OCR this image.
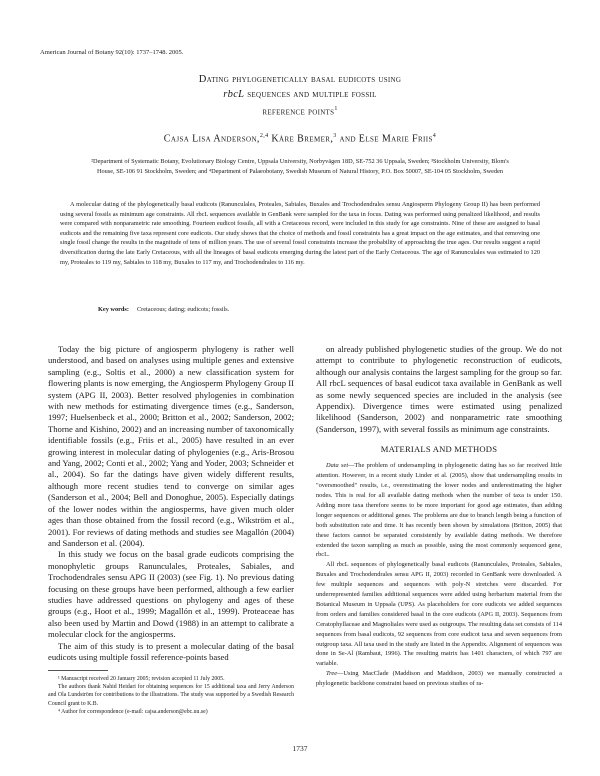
American Journal of Botany 92(10): 1737–1748. 2005.
Dating phylogenetically basal eudicots using
rbcL sequences and multiple fossil
reference points$^1$
Cajsa Lisa Anderson,$^{2,4}$ Kåre Bremer,$^3$ and Else Marie Friis$^4$
²Department of Systematic Botany, Evolutionary Biology Centre, Uppsala University, Norbyvägen 18D, SE-752 36 Uppsala, Sweden; ³Stockholm University, Blom's House, SE-106 91 Stockholm, Sweden; and ⁴Department of Palaeobotany, Swedish Museum of Natural History, P.O. Box 50007, SE-104 05 Stockholm, Sweden
A molecular dating of the phylogenetically basal eudicots (Ranunculales, Proteales, Sabiales, Buxales and Trochodendrales sensu Angiosperm Phylogeny Group II) has been performed using several fossils as minimum age constraints. All rbcL sequences available in GenBank were sampled for the taxa in focus. Dating was performed using penalized likelihood, and results were compared with nonparametric rate smoothing. Fourteen eudicot fossils, all with a Cretaceous record, were included in this study for age constraints. Nine of these are assigned to basal eudicots and the remaining five taxa represent core eudicots. Our study shows that the choice of methods and fossil constraints has a great impact on the age estimates, and that removing one single fossil change the results in the magnitude of tens of million years. The use of several fossil constraints increase the probability of approaching the true ages. Our results suggest a rapid diversification during the late Early Cretaceous, with all the lineages of basal eudicots emerging during the latest part of the Early Cretaceous. The age of Ranunculales was estimated to 120 my, Proteales to 119 my, Sabiales to 118 my, Buxales to 117 my, and Trochodendrales to 116 my.
Key words: Cretaceous; dating; eudicots; fossils.

Today the big picture of angiosperm phylogeny is rather well understood, and based on analyses using multiple genes and extensive sampling (e.g., Soltis et al., 2000) a new classification system for flowering plants is now emerging, the Angiosperm Phylogeny Group II system (APG II, 2003). Better resolved phylogenies in combination with new methods for estimating divergence times (e.g., Sanderson, 1997; Huelsenbeck et al., 2000; Britton et al., 2002; Sanderson, 2002; Thorne and Kishino, 2002) and an increasing number of taxonomically identifiable fossils (e.g., Friis et al., 2005) have resulted in an ever growing interest in molecular dating of phylogenies (e.g., Aris-Brosou and Yang, 2002; Conti et al., 2002; Yang and Yoder, 2003; Schneider et al., 2004). So far the datings have given widely different results, although more recent studies tend to converge on similar ages (Sanderson et al., 2004; Bell and Donoghue, 2005). Especially datings of the lower nodes within the angiosperms, have given much older ages than those obtained from the fossil record (e.g., Wikström et al., 2001). For reviews of dating methods and studies see Magallón (2004) and Sanderson et al. (2004).

In this study we focus on the basal grade eudicots comprising the monophyletic groups Ranunculales, Proteales, Sabiales, and Trochodendrales sensu APG II (2003) (see Fig. 1). No previous dating focusing on these groups have been performed, although a few earlier studies have addressed questions on phylogeny and ages of these groups (e.g., Hoot et al., 1999; Magallón et al., 1999). Proteaceae has also been used by Martin and Dowd (1988) in an attempt to calibrate a molecular clock for the angiosperms.

The aim of this study is to present a molecular dating of the basal eudicots using multiple fossil reference-points based

¹ Manuscript received 20 January 2005; revision accepted 11 July 2005.

The authors thank Nahid Heidari for obtaining sequences for 15 additional taxa and Jerry Anderson and Ola Lundström for contributions to the illustrations. The study was supported by a Swedish Research Council grant to K.B.

⁴ Author for correspondence (e-mail: cajsa.anderson@ebc.uu.se)

on already published phylogenetic studies of the group. We do not attempt to contribute to phylogenetic reconstruction of eudicots, although our analysis contains the largest sampling for the group so far. All rbcL sequences of basal eudicot taxa available in GenBank as well as some newly sequenced species are included in the analysis (see Appendix). Divergence times were estimated using penalized likelihood (Sanderson, 2002) and nonparametric rate smoothing (Sanderson, 1997), with several fossils as minimum age constraints.

MATERIALS AND METHODS

Data set—The problem of undersampling in phylogenetic dating has so far received little attention. However, in a recent study Linder et al. (2005), show that undersampling results in "oversmoothed" results, i.e., overestimating the lower nodes and underestimating the higher nodes. This is real for all available dating methods when the number of taxa is under 150. Adding more taxa therefore seems to be more important for good age estimates, than adding longer sequences or additional genes. The problems are due to branch length being a function of both substitution rate and time. It has recently been shown by simulations (Britton, 2005) that these factors cannot be separated consistently by available dating methods. We therefore extended the taxon sampling as much as possible, using the most commonly sequenced gene, rbcL.

All rbcL sequences of phylogenetically basal eudicots (Ranunculales, Proteales, Sabiales, Buxales and Trochodendrales sensu APG II, 2003) recorded in GenBank were downloaded. A few multiple sequences and sequences with poly-N stretches were discarded. For underrepresented families additional sequences were added using herbarium material from the Botanical Museum in Uppsala (UPS). As placeholders for core eudicots we added sequences from orders and families considered basal in the core eudicots (APG II, 2003). Sequences from Ceratophyllaceae and Magnoliales were used as outgroups. The resulting data set consists of 114 sequences from basal eudicots, 92 sequences from core eudicot taxa and seven sequences from outgroup taxa. All taxa used in the study are listed in the Appendix. Alignment of sequences was done in Se-Al (Rambaut, 1996). The resulting matrix has 1401 characters, of which 797 are variable.

Tree—Using MacClade (Maddison and Maddison, 2003) we manually constructed a phylogenetic backbone constraint based on previous studies of ra-

1737
